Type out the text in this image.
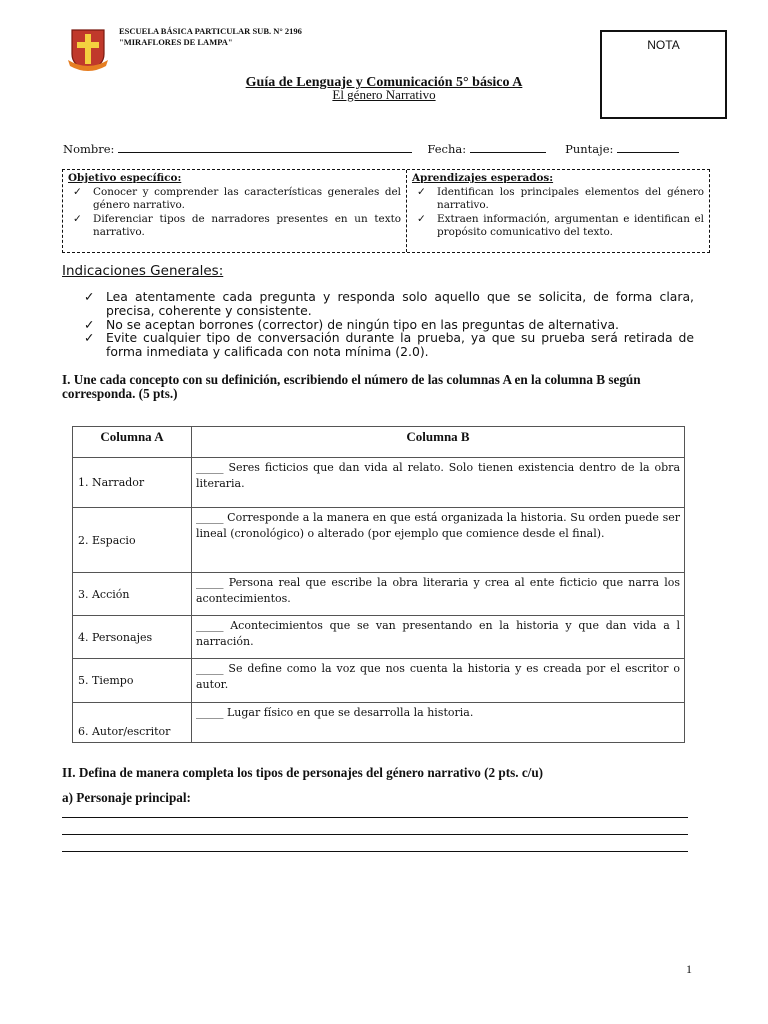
ESCUELA BÁSICA PARTICULAR SUB. N° 2196
"MIRAFLORES DE LAMPA"	NOTA
Guía de Lenguaje y Comunicación 5° básico A
El género Narrativo
Nombre:	Fecha:	Puntaje:
Objetivo específico:
✓	Conocer y comprender las características generales del género narrativo.
✓	Diferenciar tipos de narradores presentes en un texto narrativo.
Aprendizajes esperados:
✓	Identifican los principales elementos del género narrativo.
✓	Extraen información, argumentan e identifican el propósito comunicativo del texto.
Indicaciones Generales:
✓ Lea atentamente cada pregunta y responda solo aquello que se solicita, de forma clara, precisa, coherente y consistente.
✓ No se aceptan borrones (corrector) de ningún tipo en las preguntas de alternativa.
✓ Evite cualquier tipo de conversación durante la prueba, ya que su prueba será retirada de forma inmediata y calificada con nota mínima (2.0).
I. Une cada concepto con su definición, escribiendo el número de las columnas A en la columna B según corresponda. (5 pts.)
Columna A	Columna B
1. Narrador	_____ Seres ficticios que dan vida al relato. Solo tienen existencia dentro de la obra literaria.
2. Espacio	_____ Corresponde a la manera en que está organizada la historia. Su orden puede ser lineal (cronológico) o alterado (por ejemplo que comience desde el final).
3. Acción	_____ Persona real que escribe la obra literaria y crea al ente ficticio que narra los acontecimientos.
4. Personajes	_____ Acontecimientos que se van presentando en la historia y que dan vida a l narración.
5. Tiempo	_____ Se define como la voz que nos cuenta la historia y es creada por el escritor o autor.
6. Autor/escritor	_____ Lugar físico en que se desarrolla la historia.
II. Defina de manera completa los tipos de personajes del género narrativo (2 pts. c/u)
a) Personaje principal:
1
